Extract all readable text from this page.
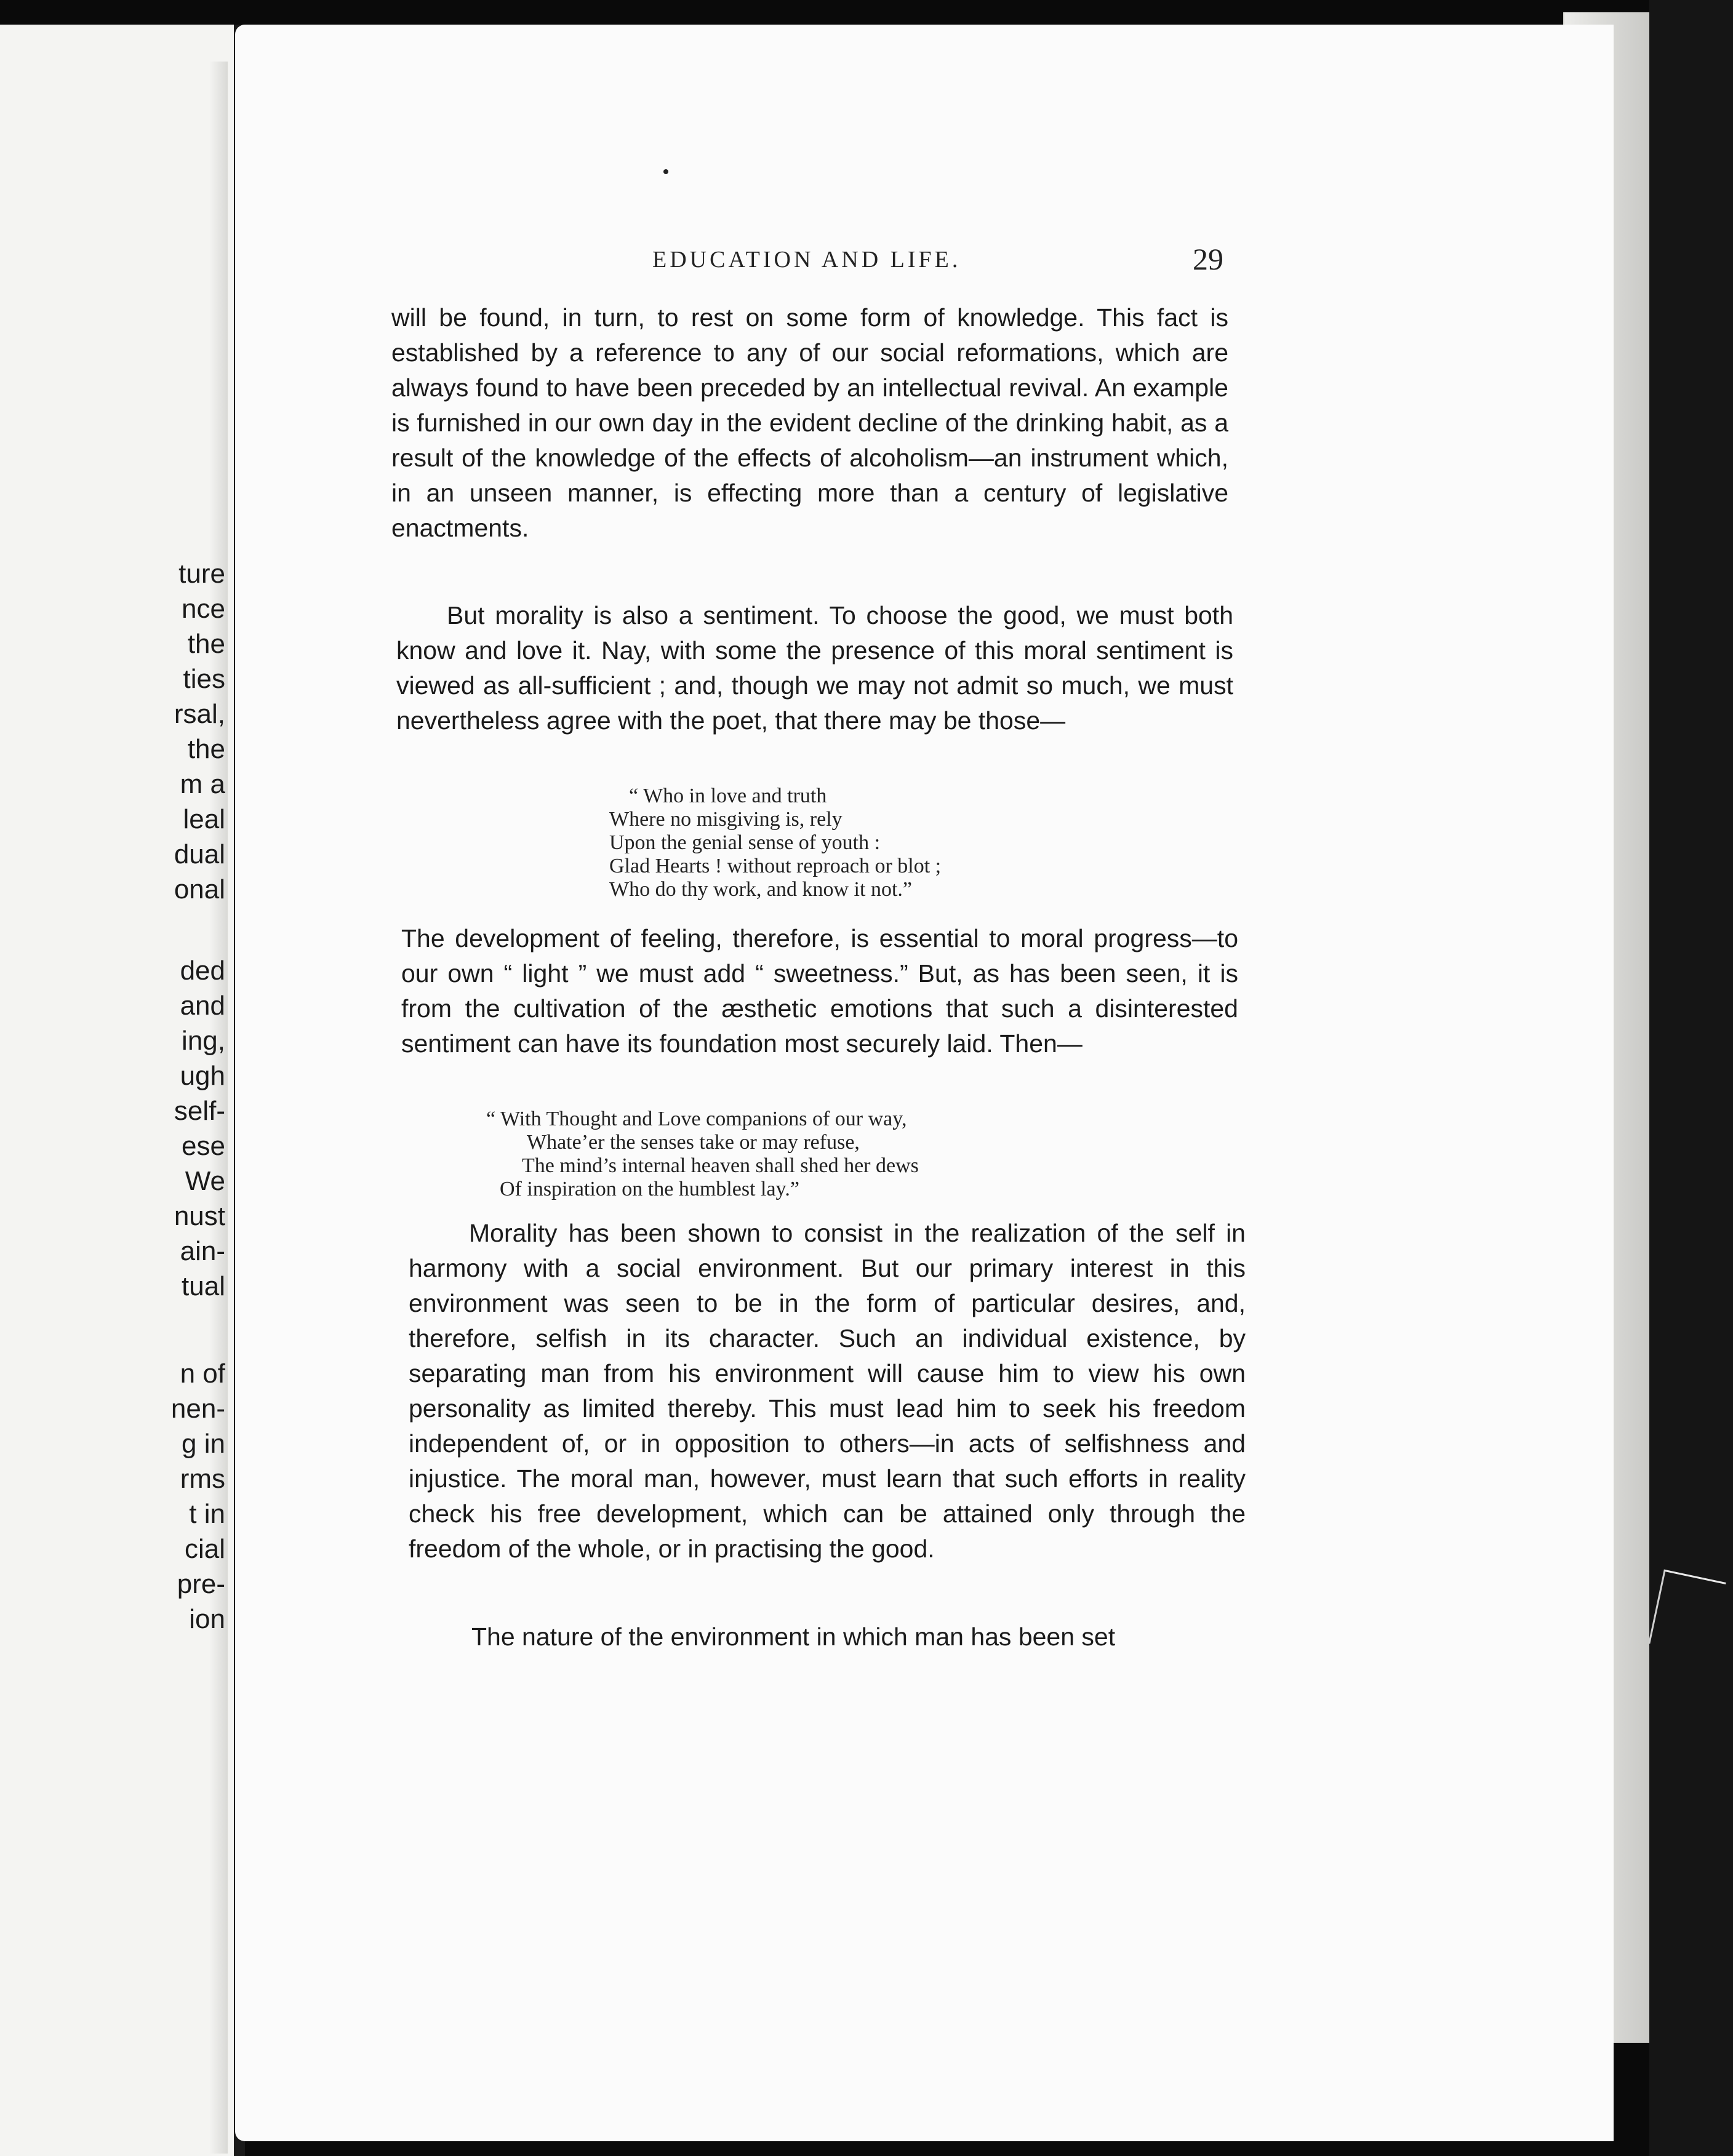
ture
nce
the
ties
rsal,
the
m a
leal
dual
onal
ded
and
ing,
ugh
self-
ese
We
nust
ain-
tual
n of
nen-
g in
rms
t in
cial
pre-
ion
EDUCATION AND LIFE.	29

will be found, in turn, to rest on some form of knowledge. This fact is established by a reference to any of our social reformations, which are always found to have been preceded by an intellectual revival. An example is furnished in our own day in the evident decline of the drinking habit, as a result of the knowledge of the effects of alcoholism—an instrument which, in an unseen manner, is effecting more than a century of legislative enactments.

But morality is also a sentiment. To choose the good, we must both know and love it. Nay, with some the presence of this moral sentiment is viewed as all-sufficient ; and, though we may not admit so much, we must nevertheless agree with the poet, that there may be those—

“ Who in love and truth
Where no misgiving is, rely
Upon the genial sense of youth :
Glad Hearts ! without reproach or blot ;
Who do thy work, and know it not.”

The development of feeling, therefore, is essential to moral progress—to our own “ light ” we must add “ sweetness.” But, as has been seen, it is from the cultivation of the æsthetic emotions that such a disinterested sentiment can have its foundation most securely laid. Then—

“ With Thought and Love companions of our way,
Whate’er the senses take or may refuse,
The mind’s internal heaven shall shed her dews
Of inspiration on the humblest lay.”

Morality has been shown to consist in the realization of the self in harmony with a social environment. But our primary interest in this environment was seen to be in the form of particular desires, and, therefore, selfish in its character. Such an individual existence, by separating man from his environment will cause him to view his own personality as limited thereby. This must lead him to seek his freedom independent of, or in opposition to others—in acts of selfishness and injustice. The moral man, however, must learn that such efforts in reality check his free development, which can be attained only through the freedom of the whole, or in practising the good.

The nature of the environment in which man has been set
